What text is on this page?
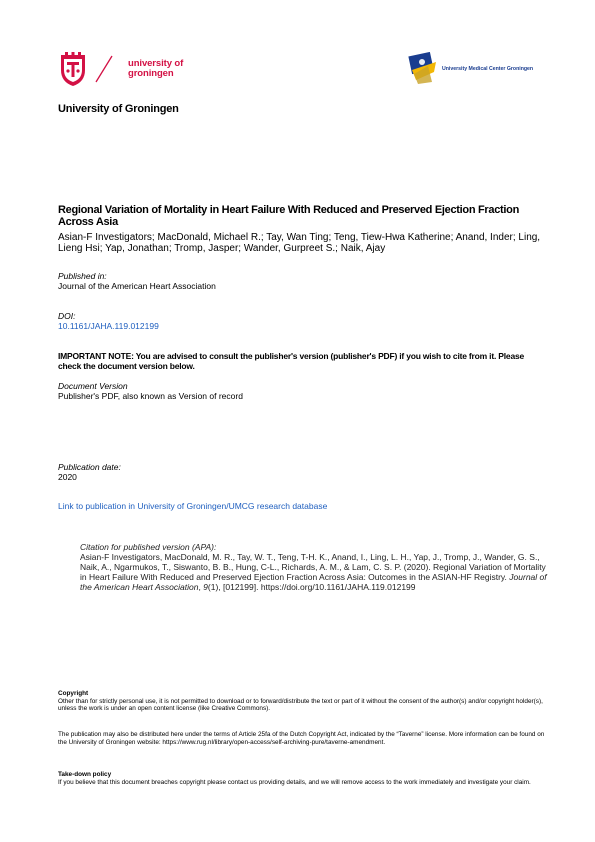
university of
groningen	University Medical Center Groningen
University of Groningen
Regional Variation of Mortality in Heart Failure With Reduced and Preserved Ejection Fraction Across Asia
Asian-F Investigators; MacDonald, Michael R.; Tay, Wan Ting; Teng, Tiew-Hwa Katherine; Anand, Inder; Ling, Lieng Hsi; Yap, Jonathan; Tromp, Jasper; Wander, Gurpreet S.; Naik, Ajay
Published in:
Journal of the American Heart Association
DOI:
10.1161/JAHA.119.012199
IMPORTANT NOTE: You are advised to consult the publisher's version (publisher's PDF) if you wish to cite from it. Please check the document version below.
Document Version
Publisher's PDF, also known as Version of record
Publication date:
2020
Link to publication in University of Groningen/UMCG research database
Citation for published version (APA):
Asian-F Investigators, MacDonald, M. R., Tay, W. T., Teng, T-H. K., Anand, I., Ling, L. H., Yap, J., Tromp, J., Wander, G. S., Naik, A., Ngarmukos, T., Siswanto, B. B., Hung, C-L., Richards, A. M., & Lam, C. S. P. (2020). Regional Variation of Mortality in Heart Failure With Reduced and Preserved Ejection Fraction Across Asia: Outcomes in the ASIAN-HF Registry. Journal of the American Heart Association, 9(1), [012199]. https://doi.org/10.1161/JAHA.119.012199
Copyright
Other than for strictly personal use, it is not permitted to download or to forward/distribute the text or part of it without the consent of the author(s) and/or copyright holder(s), unless the work is under an open content license (like Creative Commons).
The publication may also be distributed here under the terms of Article 25fa of the Dutch Copyright Act, indicated by the “Taverne” license. More information can be found on the University of Groningen website: https://www.rug.nl/library/open-access/self-archiving-pure/taverne-amendment.
Take-down policy
If you believe that this document breaches copyright please contact us providing details, and we will remove access to the work immediately and investigate your claim.
